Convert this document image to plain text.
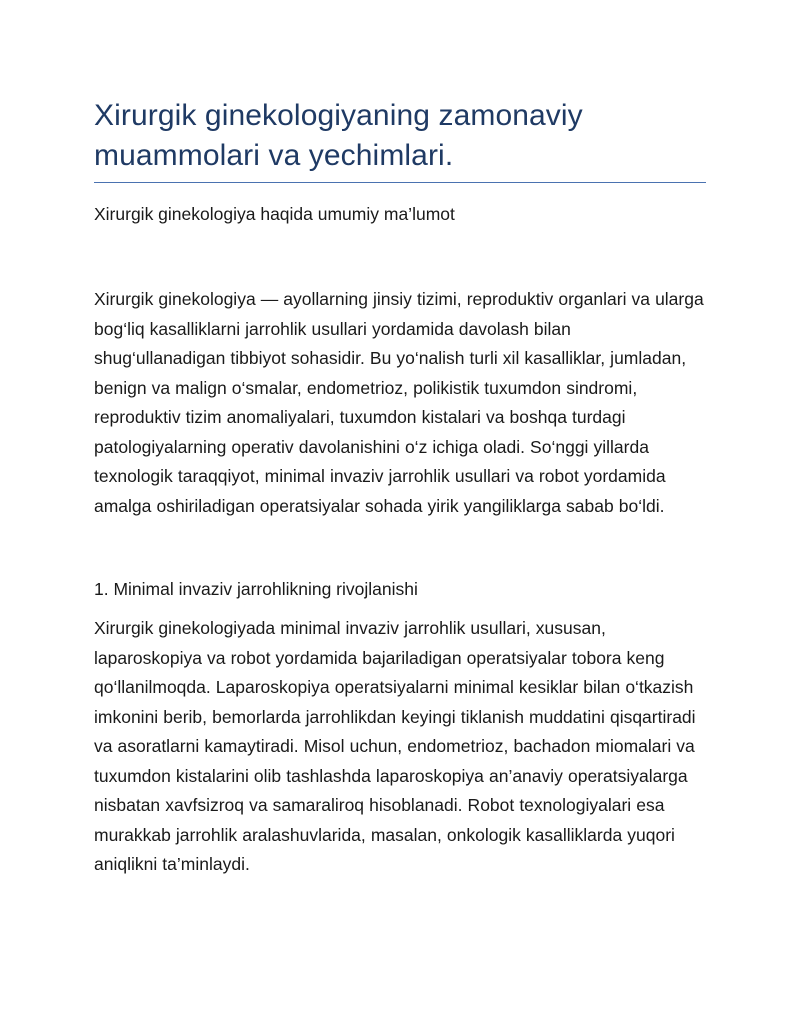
Xirurgik ginekologiyaning zamonaviy muammolari va yechimlari.

Xirurgik ginekologiya haqida umumiy ma’lumot

Xirurgik ginekologiya — ayollarning jinsiy tizimi, reproduktiv organlari va ularga bog‘liq kasalliklarni jarrohlik usullari yordamida davolash bilan shug‘ullanadigan tibbiyot sohasidir. Bu yo‘nalish turli xil kasalliklar, jumladan, benign va malign o‘smalar, endometrioz, polikistik tuxumdon sindromi, reproduktiv tizim anomaliyalari, tuxumdon kistalari va boshqa turdagi patologiyalarning operativ davolanishini o‘z ichiga oladi. So‘nggi yillarda texnologik taraqqiyot, minimal invaziv jarrohlik usullari va robot yordamida amalga oshiriladigan operatsiyalar sohada yirik yangiliklarga sabab bo‘ldi.

1. Minimal invaziv jarrohlikning rivojlanishi

Xirurgik ginekologiyada minimal invaziv jarrohlik usullari, xususan, laparoskopiya va robot yordamida bajariladigan operatsiyalar tobora keng qo‘llanilmoqda. Laparoskopiya operatsiyalarni minimal kesiklar bilan o‘tkazish imkonini berib, bemorlarda jarrohlikdan keyingi tiklanish muddatini qisqartiradi va asoratlarni kamaytiradi. Misol uchun, endometrioz, bachadon miomalari va tuxumdon kistalarini olib tashlashda laparoskopiya an’anaviy operatsiyalarga nisbatan xavfsizroq va samaraliroq hisoblanadi. Robot texnologiyalari esa murakkab jarrohlik aralashuvlarida, masalan, onkologik kasalliklarda yuqori aniqlikni ta’minlaydi.
